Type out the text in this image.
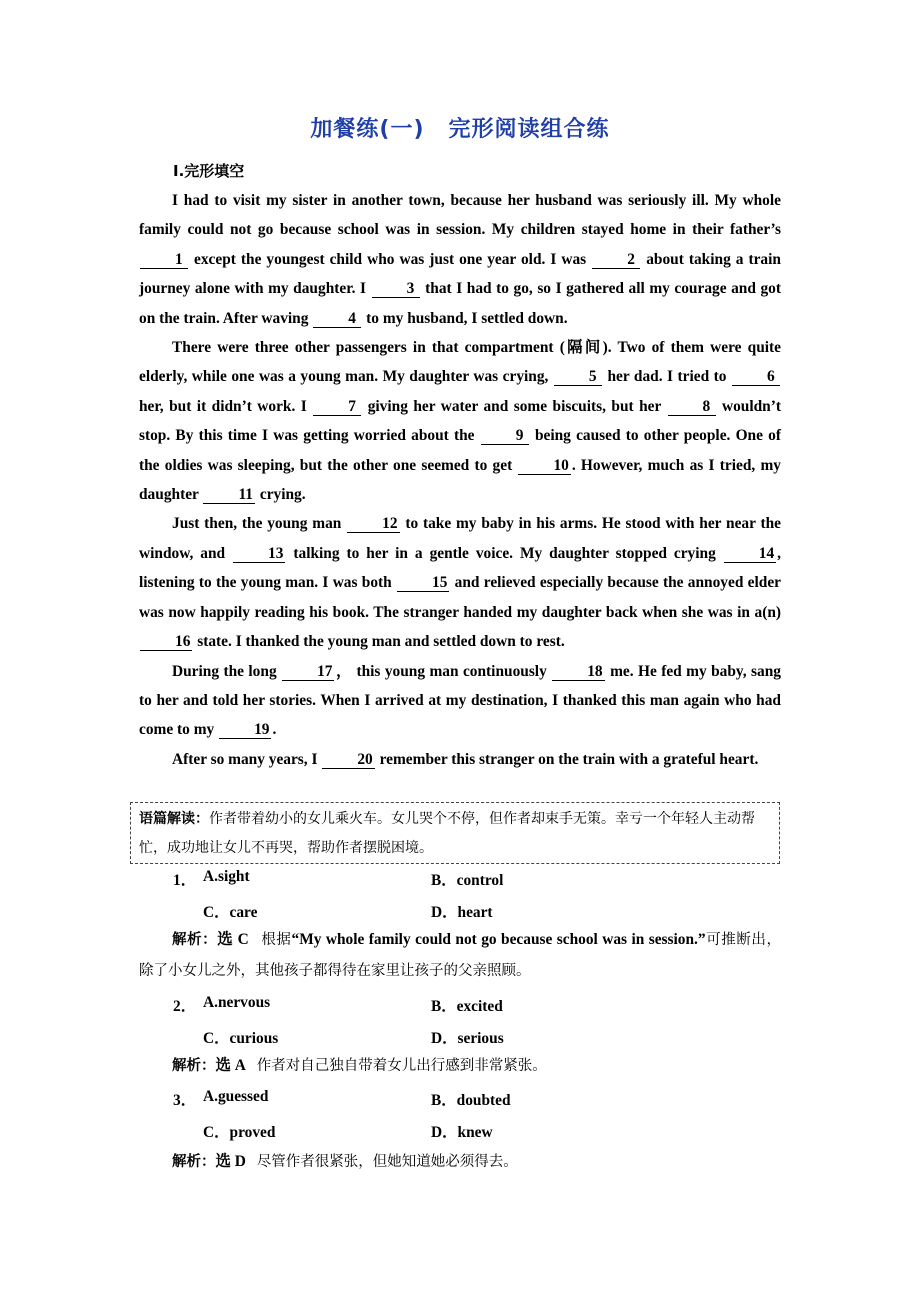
加餐练(一) 完形阅读组合练
Ⅰ.完形填空

I had to visit my sister in another town, because her husband was seriously ill. My whole family could not go because school was in session. My children stayed home in their father’s 1 except the youngest child who was just one year old. I was	2 about taking a train journey alone with my daughter. I	3 that I had to go, so I gathered all my courage and got on the train. After waving	4 to my husband, I settled down.

There were three other passengers in that compartment (隔间). Two of them were quite elderly, while one was a young man. My daughter was crying,	5 her dad. I tried to	6 her, but it didn’t work. I	7 giving her water and some biscuits, but her	8 wouldn’t stop. By this time I was getting worried about the	9 being caused to other people. One of the oldies was sleeping, but the other one seemed to get	10 . However, much as I tried, my daughter	11 crying.

Just then, the young man	12 to take my baby in his arms. He stood with her near the window, and	13 talking to her in a gentle voice. My daughter stopped crying	14 , listening to the young man. I was both	15 and relieved especially because the annoyed elder was now happily reading his book. The stranger handed my daughter back when she was in a(n) 16 state. I thanked the young man and settled down to rest.

During the long	17 ， this young man continuously	18 me. He fed my baby, sang to her and told her stories. When I arrived at my destination, I thanked this man again who had come to my	19 .

After so many years, I	20 remember this stranger on the train with a grateful heart.

语篇解读：作者带着幼小的女儿乘火车。女儿哭个不停，但作者却束手无策。幸亏一个年轻人主动帮忙，成功地让女儿不再哭，帮助作者摆脱困境。
1． A.sight	B．control
C．care	D．heart
解析：选 C 根据“My whole family could not go because school was in session.”可推断出，除了小女儿之外，其他孩子都得待在家里让孩子的父亲照顾。
2． A.nervous	B．excited
C．curious	D．serious
解析：选 A 作者对自己独自带着女儿出行感到非常紧张。
3． A.guessed	B．doubted
C．proved	D．knew
解析：选 D 尽管作者很紧张，但她知道她必须得去。
